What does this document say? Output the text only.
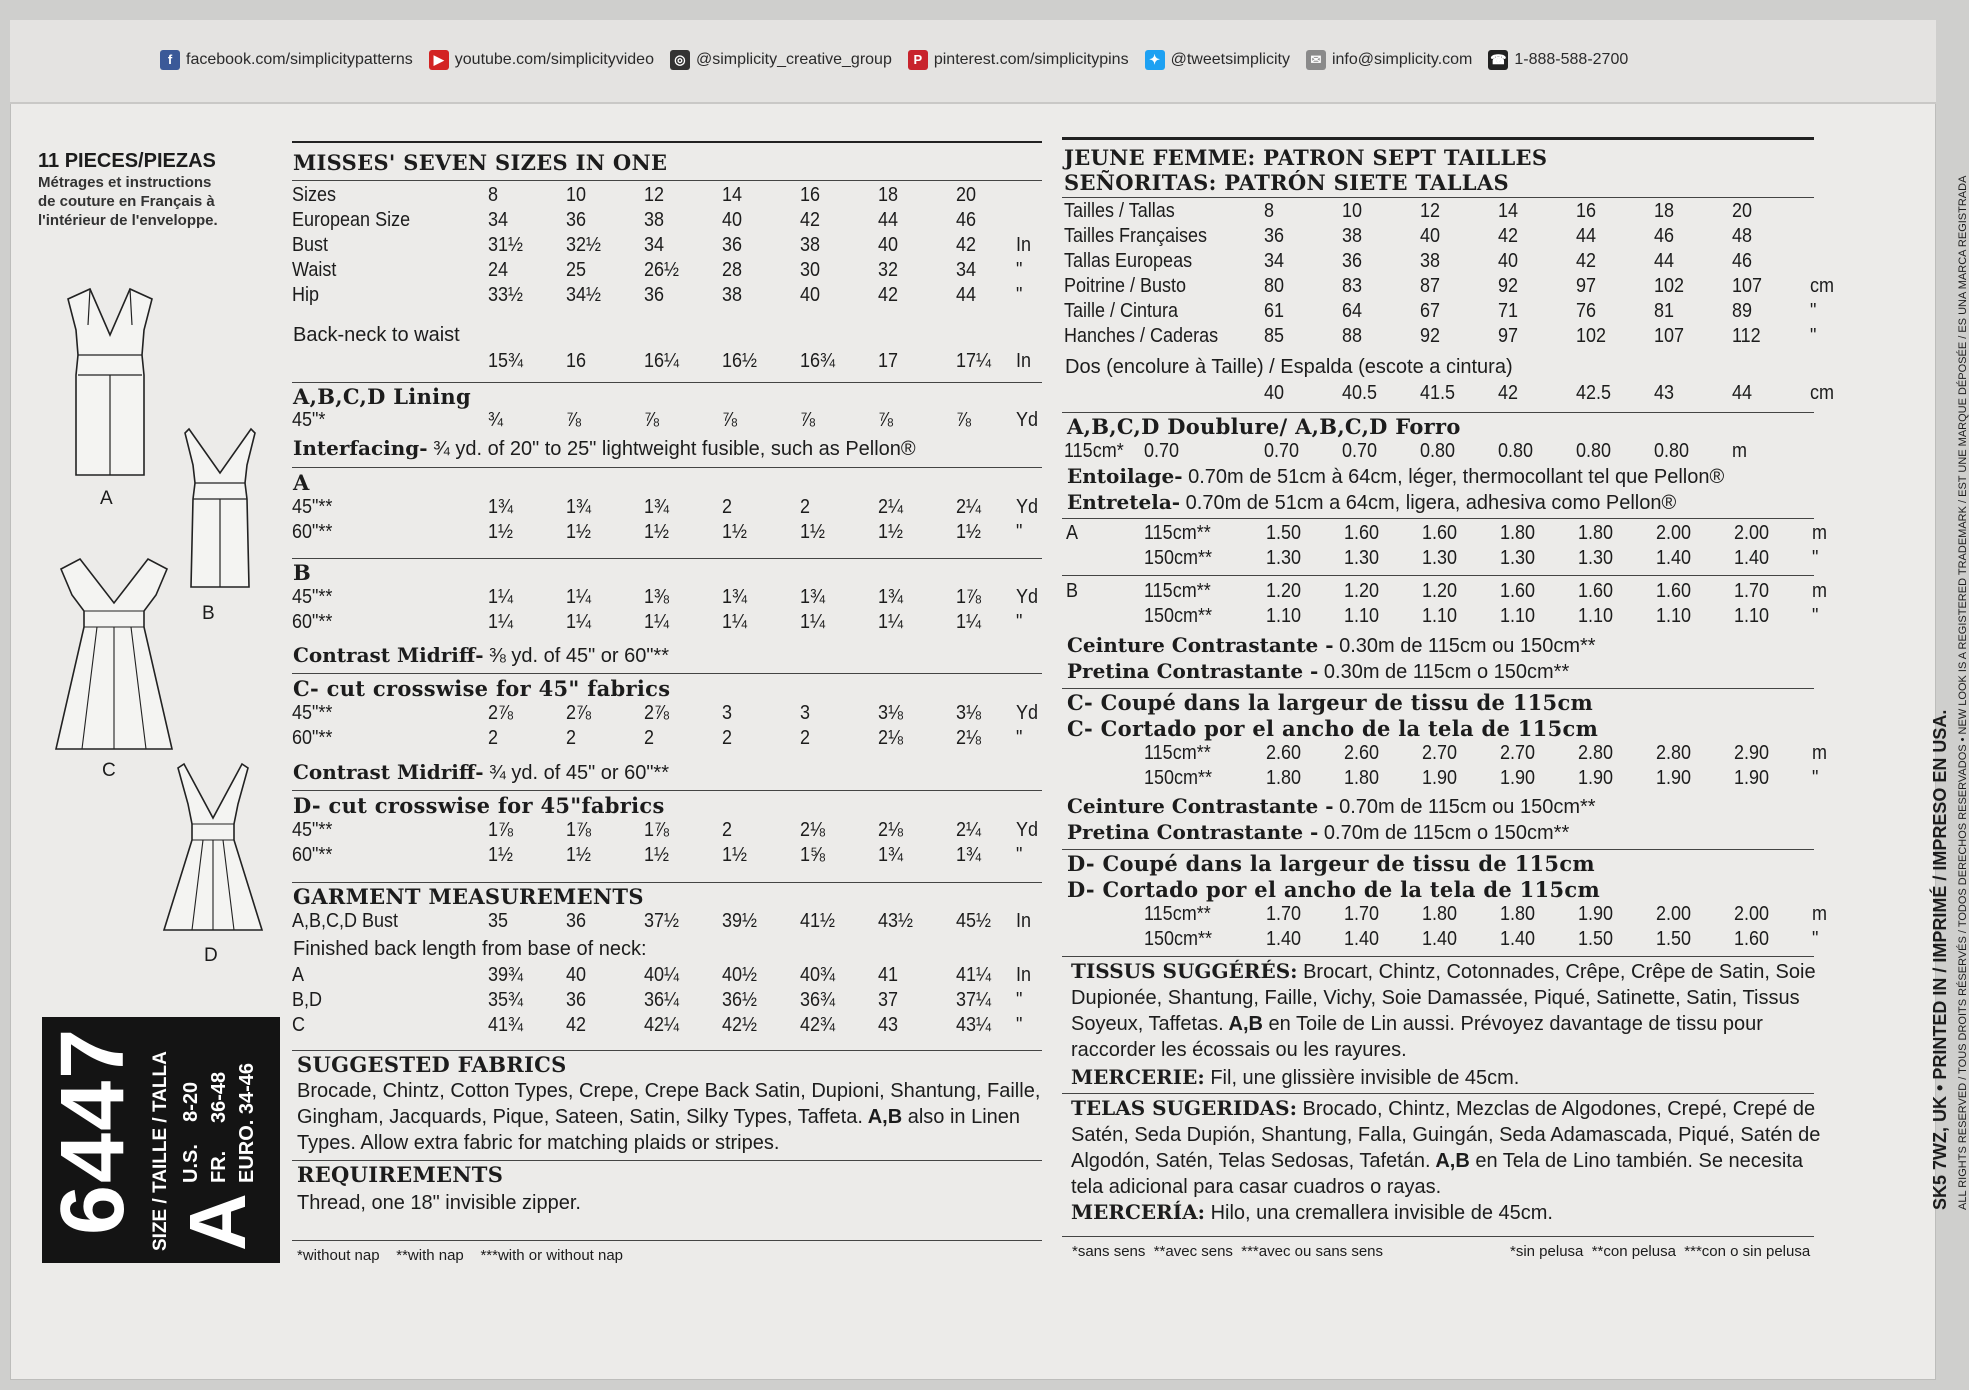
f facebook.com/simplicitypatterns	▶ youtube.com/simplicityvideo	◎ @simplicity_creative_group	P pinterest.com/simplicitypins	✦ @tweetsimplicity	✉ info@simplicity.com ☎ 1-888-588-2700
11 PIECES/PIEZAS
Métrages et instructions
de couture en Français à
l'intérieur de l'enveloppe.
A
B
C
D
6447 SIZE / TAILLE / TALLA A
U.S.    8-20 FR.     36-48 EURO. 34-46
MISSES' SEVEN SIZES IN ONE
Sizes	8	10	12	14	16	18	20	
European Size	34	36	38	40	42	44	46	
Bust	31½	32½	34	36	38	40	42	In
Waist	24	25	26½	28	30	32	34	"
Hip	33½	34½	36	38	40	42	44	"
Back-neck to waist
	15¾	16	16¼	16½	16¾	17	17¼	In
A,B,C,D Lining
45"*	¾	⅞	⅞	⅞	⅞	⅞	⅞	Yd
Interfacing- ¾ yd. of 20" to 25" lightweight fusible, such as Pellon®
A
45"**	1¾	1¾	1¾	2	2	2¼	2¼	Yd
60"**	1½	1½	1½	1½	1½	1½	1½	"
B
45"**	1¼	1¼	1⅜	1¾	1¾	1¾	1⅞	Yd
60"**	1¼	1¼	1¼	1¼	1¼	1¼	1¼	"
Contrast Midriff- ⅜ yd. of 45" or 60"**
C- cut crosswise for 45" fabrics
45"**	2⅞	2⅞	2⅞	3	3	3⅛	3⅛	Yd
60"**	2	2	2	2	2	2⅛	2⅛	"
Contrast Midriff- ¾ yd. of 45" or 60"**
D- cut crosswise for 45"fabrics
45"**	1⅞	1⅞	1⅞	2	2⅛	2⅛	2¼	Yd
60"**	1½	1½	1½	1½	1⅝	1¾	1¾	"
GARMENT MEASUREMENTS
A,B,C,D Bust	35	36	37½	39½	41½	43½	45½	In
Finished back length from base of neck:
A	39¾	40	40¼	40½	40¾	41	41¼	In
B,D	35¾	36	36¼	36½	36¾	37	37¼	"
C	41¾	42	42¼	42½	42¾	43	43¼	"
SUGGESTED FABRICS
Brocade, Chintz, Cotton Types, Crepe, Crepe Back Satin, Dupioni, Shantung, Faille, Gingham, Jacquards, Pique, Sateen, Satin, Silky Types, Taffeta. A,B also in Linen Types. Allow extra fabric for matching plaids or stripes.
REQUIREMENTS
Thread, one 18" invisible zipper.
*without nap    **with nap    ***with or without nap
JEUNE FEMME: PATRON SEPT TAILLES
SEÑORITAS: PATRÓN SIETE TALLAS
Tailles / Tallas	8	10	12	14	16	18	20	
Tailles Françaises	36	38	40	42	44	46	48	
Tallas Europeas	34	36	38	40	42	44	46	
Poitrine / Busto	80	83	87	92	97	102	107	cm
Taille / Cintura	61	64	67	71	76	81	89	"
Hanches / Caderas	85	88	92	97	102	107	112	"
Dos (encolure à Taille) / Espalda (escote a cintura)
	40	40.5	41.5	42	42.5	43	44	cm
A,B,C,D Doublure/ A,B,C,D Forro
115cm*	0.70	0.70	0.70	0.80	0.80	0.80	0.80	m
Entoilage- 0.70m de 51cm à 64cm, léger, thermocollant tel que Pellon®
Entretela- 0.70m de 51cm a 64cm, ligera, adhesiva como Pellon®
A	115cm**	1.50	1.60	1.60	1.80	1.80	2.00	2.00	m
	150cm**	1.30	1.30	1.30	1.30	1.30	1.40	1.40	"
B	115cm**	1.20	1.20	1.20	1.60	1.60	1.60	1.70	m
	150cm**	1.10	1.10	1.10	1.10	1.10	1.10	1.10	"
Ceinture Contrastante - 0.30m de 115cm ou 150cm**
Pretina Contrastante - 0.30m de 115cm o 150cm**
C- Coupé dans la largeur de tissu de 115cm
C- Cortado por el ancho de la tela de 115cm
	115cm**	2.60	2.60	2.70	2.70	2.80	2.80	2.90	m
	150cm**	1.80	1.80	1.90	1.90	1.90	1.90	1.90	"
Ceinture Contrastante - 0.70m de 115cm ou 150cm**
Pretina Contrastante - 0.70m de 115cm o 150cm**
D- Coupé dans la largeur de tissu de 115cm
D- Cortado por el ancho de la tela de 115cm
	115cm**	1.70	1.70	1.80	1.80	1.90	2.00	2.00	m
	150cm**	1.40	1.40	1.40	1.40	1.50	1.50	1.60	"
TISSUS SUGGÉRÉS: Brocart, Chintz, Cotonnades, Crêpe, Crêpe de Satin, Soie Dupionée, Shantung, Faille, Vichy, Soie Damassée, Piqué, Satinette, Satin, Tissus Soyeux, Taffetas. A,B en Toile de Lin aussi. Prévoyez davantage de tissu pour raccorder les écossais ou les rayures.
MERCERIE: Fil, une glissière invisible de 45cm.
TELAS SUGERIDAS: Brocado, Chintz, Mezclas de Algodones, Crepé, Crepé de Satén, Seda Dupión, Shantung, Falla, Guingán, Seda Adamascada, Piqué, Satén de Algodón, Satén, Telas Sedosas, Tafetán. A,B en Tela de Lino también. Se necesita tela adicional para casar cuadros o rayas.
MERCERÍA: Hilo, una cremallera invisible de 45cm.
*sans sens  **avec sens  ***avec ou sans sens	*sin pelusa  **con pelusa  ***con o sin pelusa
SK5 7WZ, UK • PRINTED IN / IMPRIMÉ / IMPRESO EN USA. ALL RIGHTS RESERVED / TOUS DROITS RÉSERVÉS / TODOS DERECHOS RESERVADOS • NEW LOOK IS A REGISTERED TRADEMARK / EST UNE MARQUE DÉPOSÉE / ES UNA MARCA REGISTRADA
